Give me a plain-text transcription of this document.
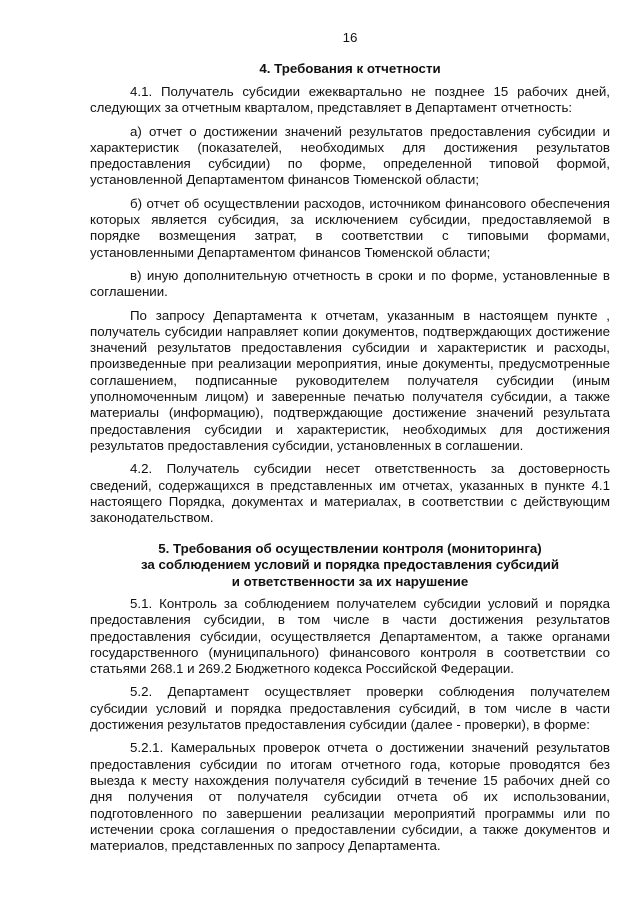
16

4. Требования к отчетности

4.1. Получатель субсидии ежеквартально не позднее 15 рабочих дней, следующих за отчетным кварталом, представляет в Департамент отчетность:

а) отчет о достижении значений результатов предоставления субсидии и характеристик (показателей, необходимых для достижения результатов предоставления субсидии) по форме, определенной типовой формой, установленной Департаментом финансов Тюменской области;

б) отчет об осуществлении расходов, источником финансового обеспечения которых является субсидия, за исключением субсидии, предоставляемой в порядке возмещения затрат, в соответствии с типовыми формами, установленными Департаментом финансов Тюменской области;

в) иную дополнительную отчетность в сроки и по форме, установленные в соглашении.

По запросу Департамента к отчетам, указанным в настоящем пункте , получатель субсидии направляет копии документов, подтверждающих достижение значений результатов предоставления субсидии и характеристик и расходы, произведенные при реализации мероприятия, иные документы, предусмотренные соглашением, подписанные руководителем получателя субсидии (иным уполномоченным лицом) и заверенные печатью получателя субсидии, а также материалы (информацию), подтверждающие достижение значений результата предоставления субсидии и характеристик, необходимых для достижения результатов предоставления субсидии, установленных в соглашении.

4.2. Получатель субсидии несет ответственность за достоверность сведений, содержащихся в представленных им отчетах, указанных в пункте 4.1 настоящего Порядка, документах и материалах, в соответствии с действующим законодательством.

5. Требования об осуществлении контроля (мониторинга)

за соблюдением условий и порядка предоставления субсидий

и ответственности за их нарушение

5.1. Контроль за соблюдением получателем субсидии условий и порядка предоставления субсидии, в том числе в части достижения результатов предоставления субсидии, осуществляется Департаментом, а также органами государственного (муниципального) финансового контроля в соответствии со статьями 268.1 и 269.2 Бюджетного кодекса Российской Федерации.

5.2. Департамент осуществляет проверки соблюдения получателем субсидии условий и порядка предоставления субсидий, в том числе в части достижения результатов предоставления субсидии (далее - проверки), в форме:

5.2.1. Камеральных проверок отчета о достижении значений результатов предоставления субсидии по итогам отчетного года, которые проводятся без выезда к месту нахождения получателя субсидий в течение 15 рабочих дней со дня получения от получателя субсидии отчета об их использовании, подготовленного по завершении реализации мероприятий программы или по истечении срока соглашения о предоставлении субсидии, а также документов и материалов, представленных по запросу Департамента.
